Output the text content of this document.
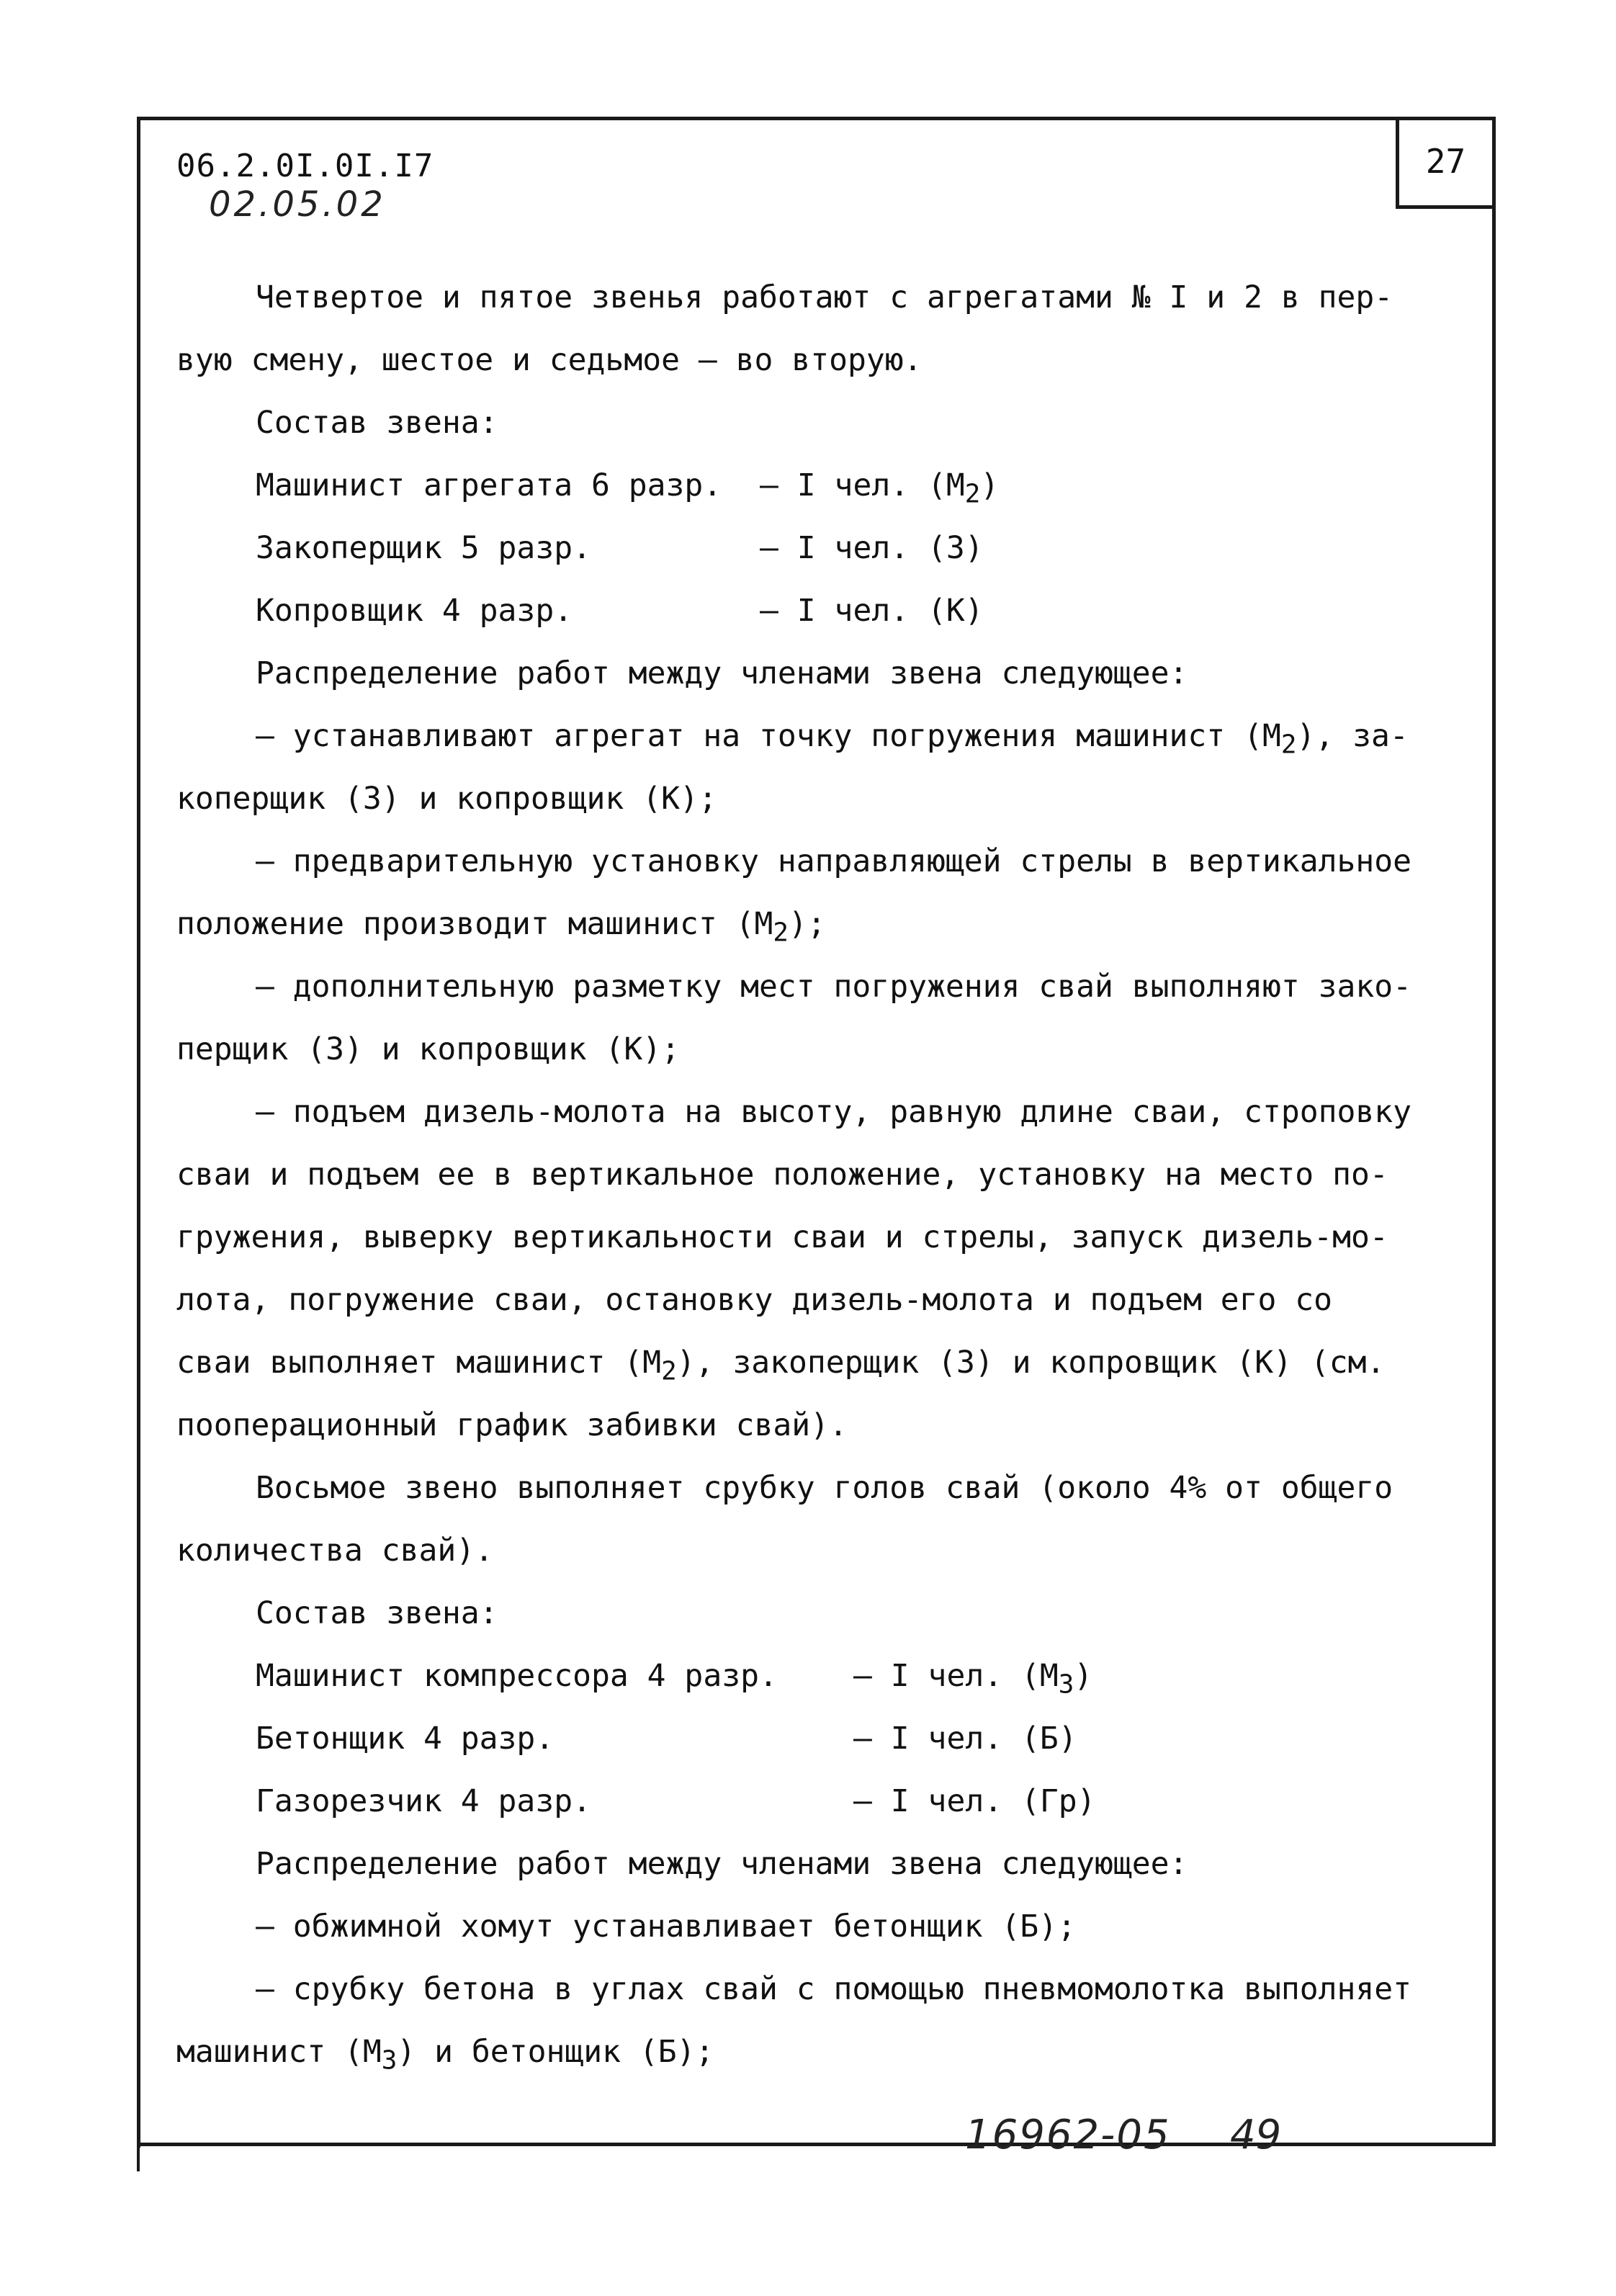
27
06.2.0I.0I.I7
02.05.02
Четвертое и пятое звенья работают с агрегатами № I и 2 в пер-
вую смену, шестое и седьмое – во вторую.
Состав звена:
Машинист агрегата 6 разр. – I чел. $(М_2)$
Закоперщик 5 разр.	– I чел. (З)
Копровщик 4 разр.	– I чел. (К)
Распределение работ между членами звена следующее:
– устанавливают агрегат на точку погружения машинист $(М_2)$, за-
коперщик (З) и копровщик (К);
– предварительную установку направляющей стрелы в вертикальное
положение производит машинист $(М_2)$;
– дополнительную разметку мест погружения свай выполняют зако-
перщик (З) и копровщик (К);
– подъем дизель-молота на высоту, равную длине сваи, строповку
сваи и подъем ее в вертикальное положение, установку на место по-
гружения, выверку вертикальности сваи и стрелы, запуск дизель-мо-
лота, погружение сваи, остановку дизель-молота и подъем его со
сваи выполняет машинист $(М_2)$, закоперщик (З) и копровщик (К) (см.
пооперационный график забивки свай).
Восьмое звено выполняет срубку голов свай (около 4% от общего
количества свай).
Состав звена:
Машинист компрессора 4 разр. – I чел. $(М_3)$
Бетонщик 4 разр.	– I чел. (Б)
Газорезчик 4 разр.	– I чел. (Гр)
Распределение работ между членами звена следующее:
– обжимной хомут устанавливает бетонщик (Б);
– срубку бетона в углах свай с помощью пневмомолотка выполняет
машинист $(М_3)$ и бетонщик (Б);
16962-05 49
